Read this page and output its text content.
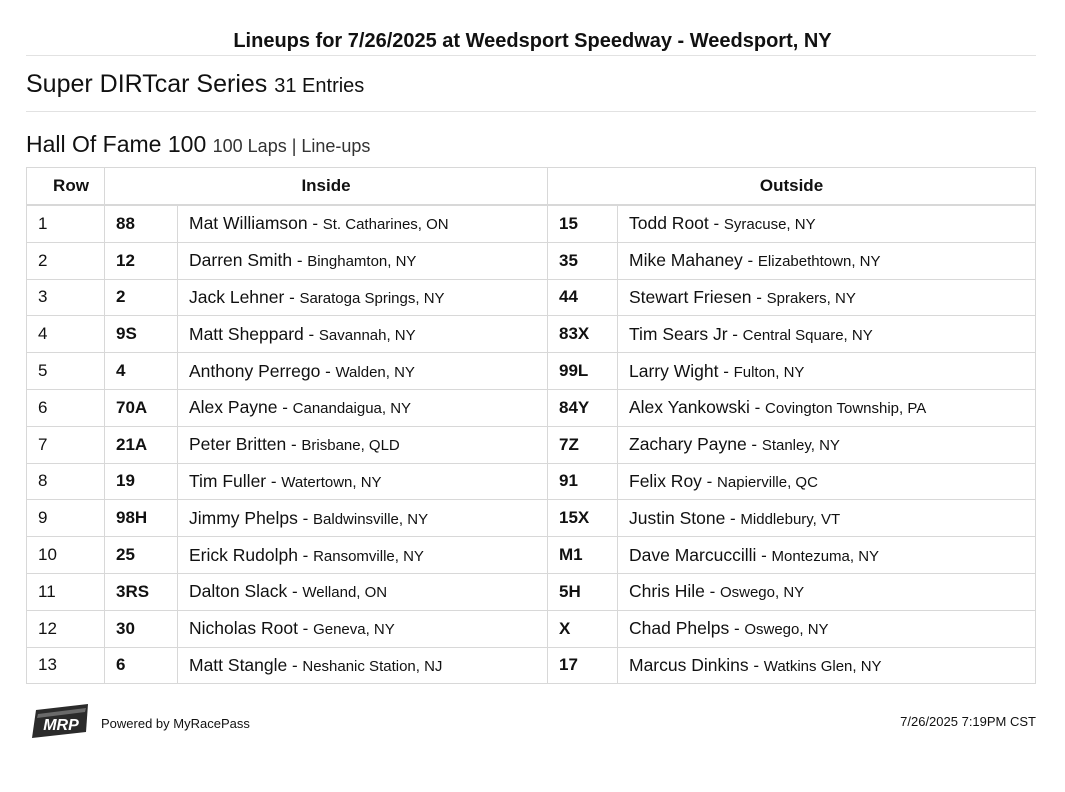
Lineups for 7/26/2025 at Weedsport Speedway - Weedsport, NY
Super DIRTcar Series 31 Entries
Hall Of Fame 100 100 Laps | Line-ups
Row	Inside		Outside	
1	88	Mat Williamson - St. Catharines, ON	15	Todd Root - Syracuse, NY
2	12	Darren Smith - Binghamton, NY	35	Mike Mahaney - Elizabethtown, NY
3	2	Jack Lehner - Saratoga Springs, NY	44	Stewart Friesen - Sprakers, NY
4	9S	Matt Sheppard - Savannah, NY	83X	Tim Sears Jr - Central Square, NY
5	4	Anthony Perrego - Walden, NY	99L	Larry Wight - Fulton, NY
6	70A	Alex Payne - Canandaigua, NY	84Y	Alex Yankowski - Covington Township, PA
7	21A	Peter Britten - Brisbane, QLD	7Z	Zachary Payne - Stanley, NY
8	19	Tim Fuller - Watertown, NY	91	Felix Roy - Napierville, QC
9	98H	Jimmy Phelps - Baldwinsville, NY	15X	Justin Stone - Middlebury, VT
10	25	Erick Rudolph - Ransomville, NY	M1	Dave Marcuccilli - Montezuma, NY
11	3RS	Dalton Slack - Welland, ON	5H	Chris Hile - Oswego, NY
12	30	Nicholas Root - Geneva, NY	X	Chad Phelps - Oswego, NY
13	6	Matt Stangle - Neshanic Station, NJ	17	Marcus Dinkins - Watkins Glen, NY
MRP Powered by MyRacePass	7/26/2025 7:19PM CST
